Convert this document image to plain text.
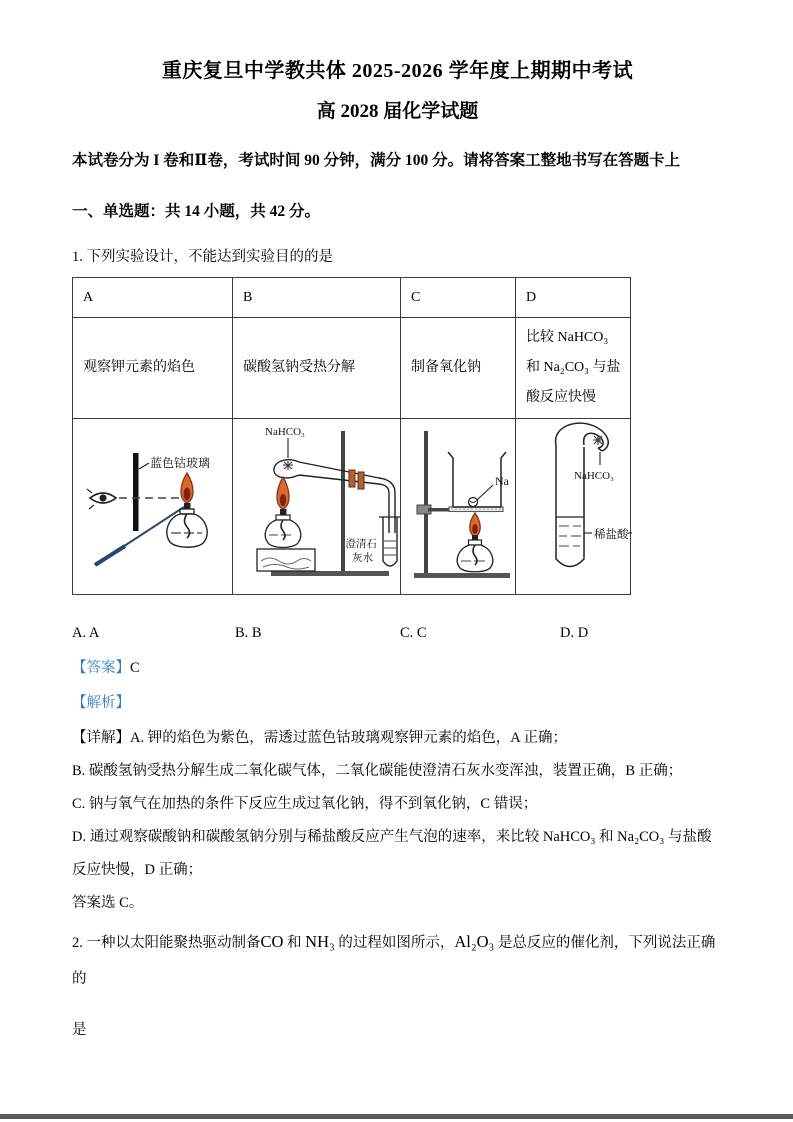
重庆复旦中学教共体 2025-2026 学年度上期期中考试
高 2028 届化学试题
本试卷分为 I 卷和Ⅱ卷，考试时间 90 分钟，满分 100 分。请将答案工整地书写在答题卡上
一、单选题：共 14 小题，共 42 分。
1. 下列实验设计，不能达到实验目的的是
A	B	C	D
观察钾元素的焰色	碳酸氢钠受热分解	制备氧化钠	比较 NaHCO₃ 和 Na₂CO₃ 与盐酸反应快慢

蓝色钴玻璃	NaHCO₃
澄清石
灰水	Na	NaHCO₃
稀盐酸
A. A	B. B	C. C	D. D
【答案】C
【解析】

【详解】A. 钾的焰色为紫色，需透过蓝色钴玻璃观察钾元素的焰色，A 正确；

B. 碳酸氢钠受热分解生成二氧化碳气体，二氧化碳能使澄清石灰水变浑浊，装置正确，B 正确；

C. 钠与氧气在加热的条件下反应生成过氧化钠，得不到氧化钠，C 错误；

D. 通过观察碳酸钠和碳酸氢钠分别与稀盐酸反应产生气泡的速率，来比较 NaHCO₃ 和 Na₂CO₃ 与盐酸反应快慢，D 正确；

答案选 C。

2. 一种以太阳能聚热驱动制备CO 和 NH₃ 的过程如图所示，Al₂O₃ 是总反应的催化剂，下列说法正确的

是
